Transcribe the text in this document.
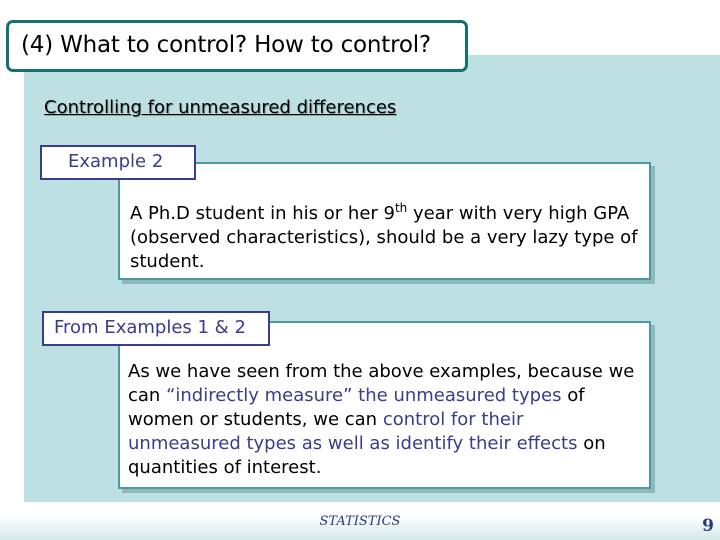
(4) What to control? How to control?
Controlling for unmeasured differences
A Ph.D student in his or her 9th year with very high GPA (observed characteristics), should be a very lazy type of student.
Example 2
As we have seen from the above examples, because we can “indirectly measure” the unmeasured types of women or students, we can control for their unmeasured types as well as identify their effects on quantities of interest.
From Examples 1 & 2
STATISTICS	9
